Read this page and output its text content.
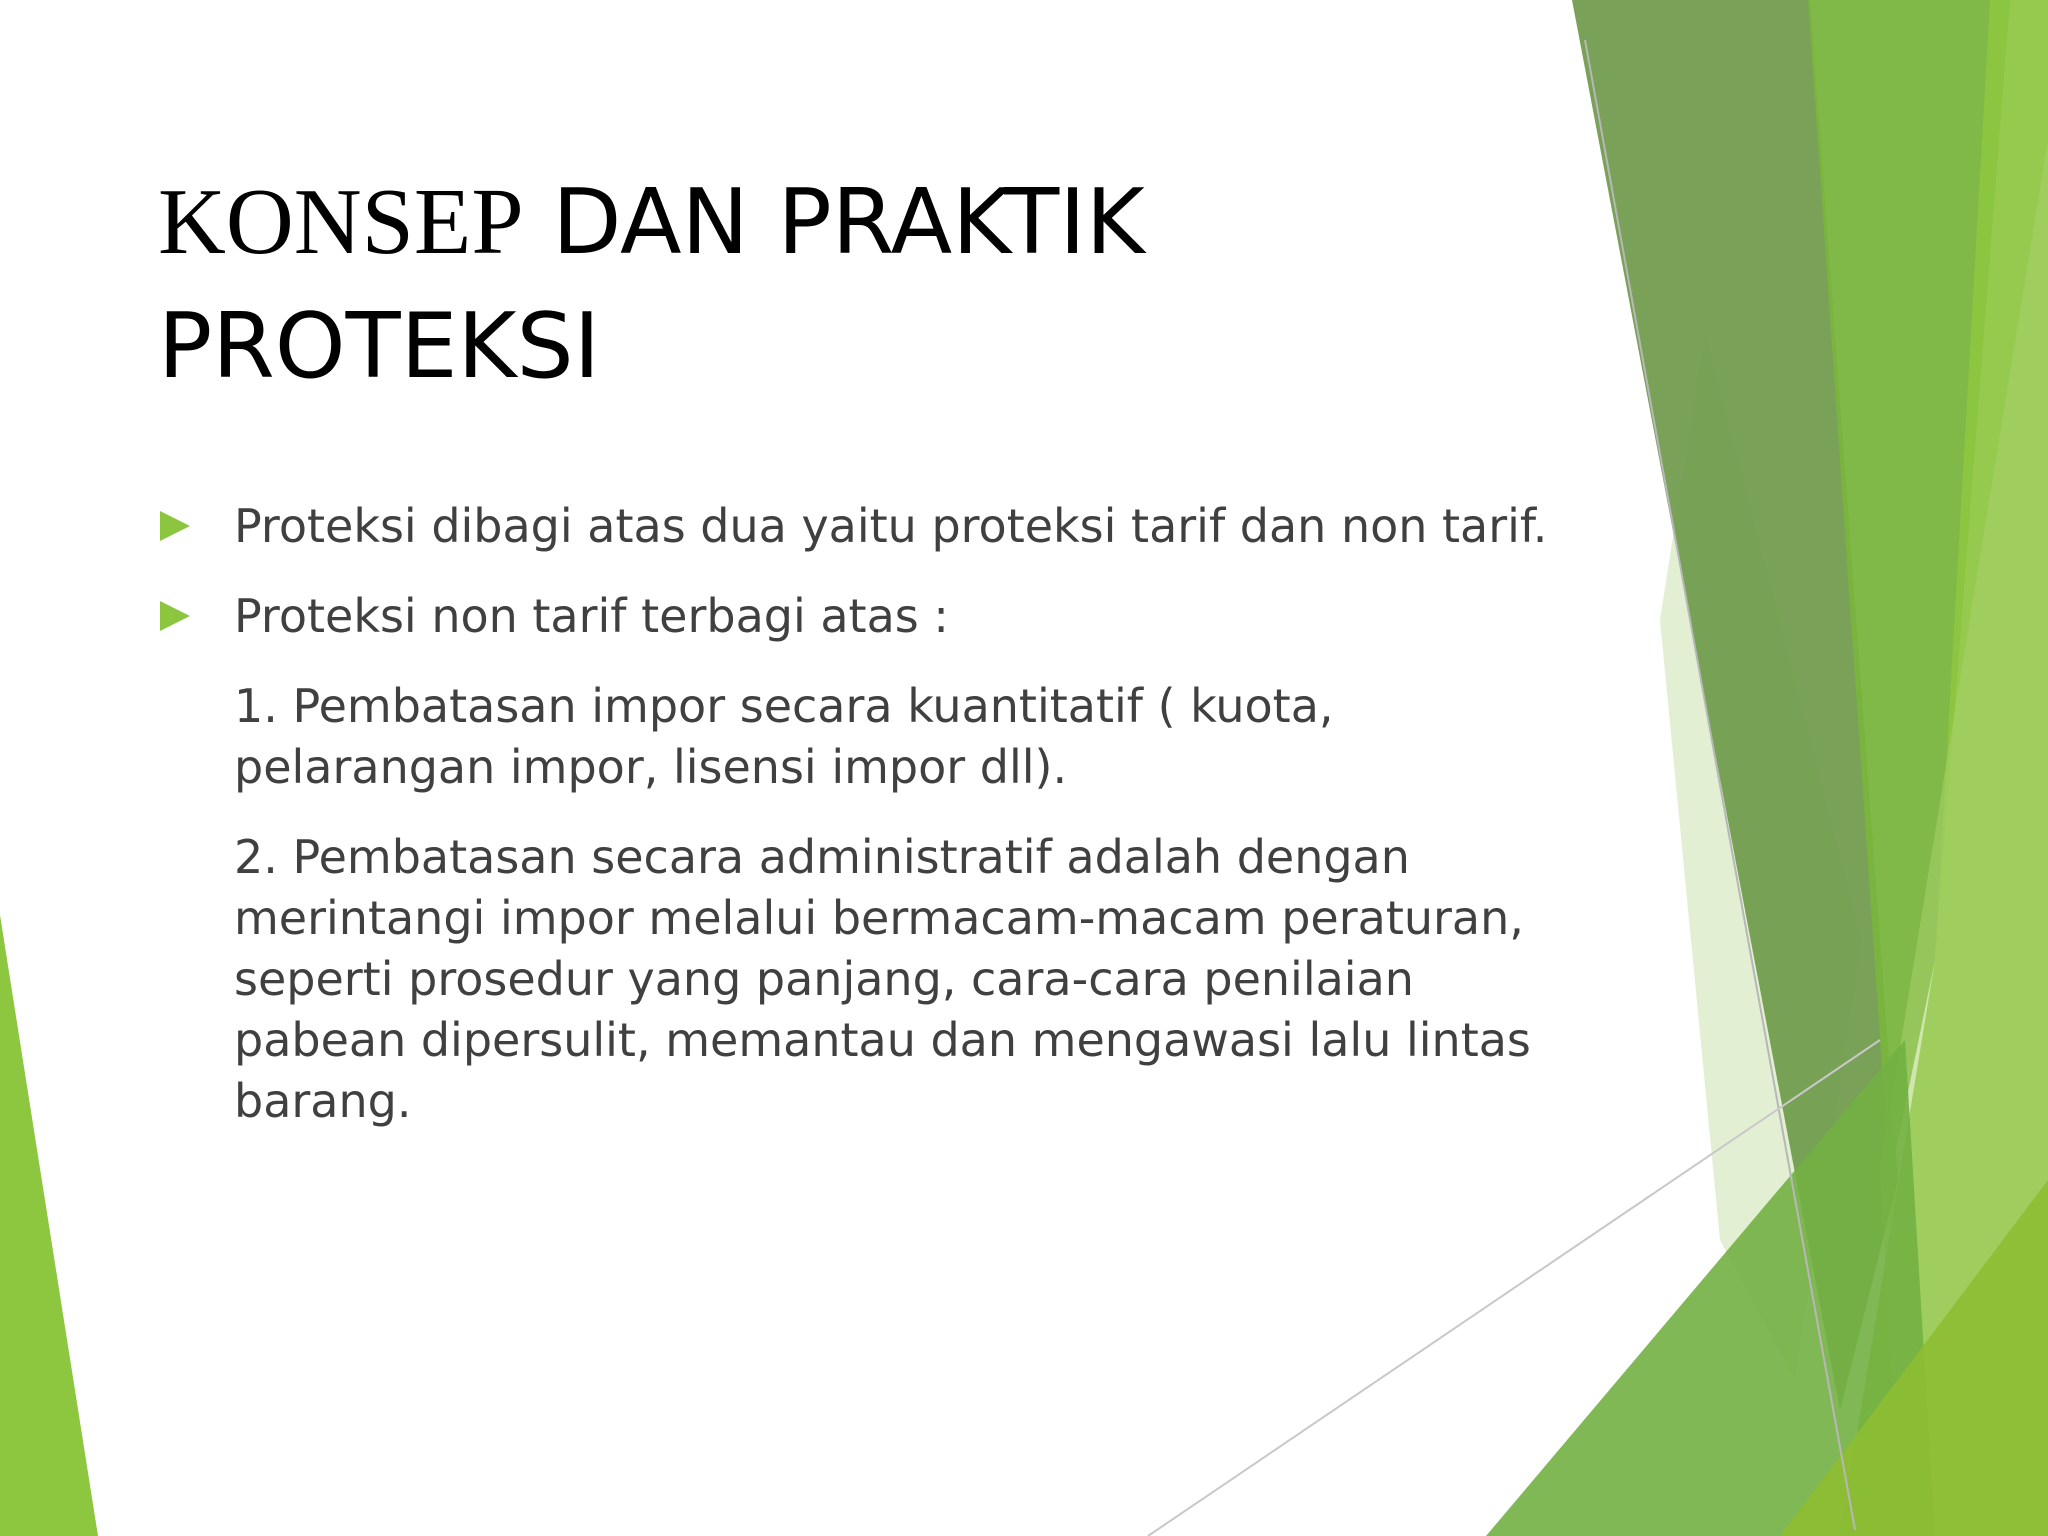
KONSEP DAN PRAKTIK PROTEKSI

Proteksi dibagi atas dua yaitu proteksi tarif dan non tarif.

Proteksi non tarif terbagi atas :

1. Pembatasan impor secara kuantitatif ( kuota, pelarangan impor, lisensi impor dll).

2. Pembatasan secara administratif adalah dengan merintangi impor melalui bermacam-macam peraturan, seperti prosedur yang panjang, cara-cara penilaian pabean dipersulit, memantau dan mengawasi lalu lintas barang.
